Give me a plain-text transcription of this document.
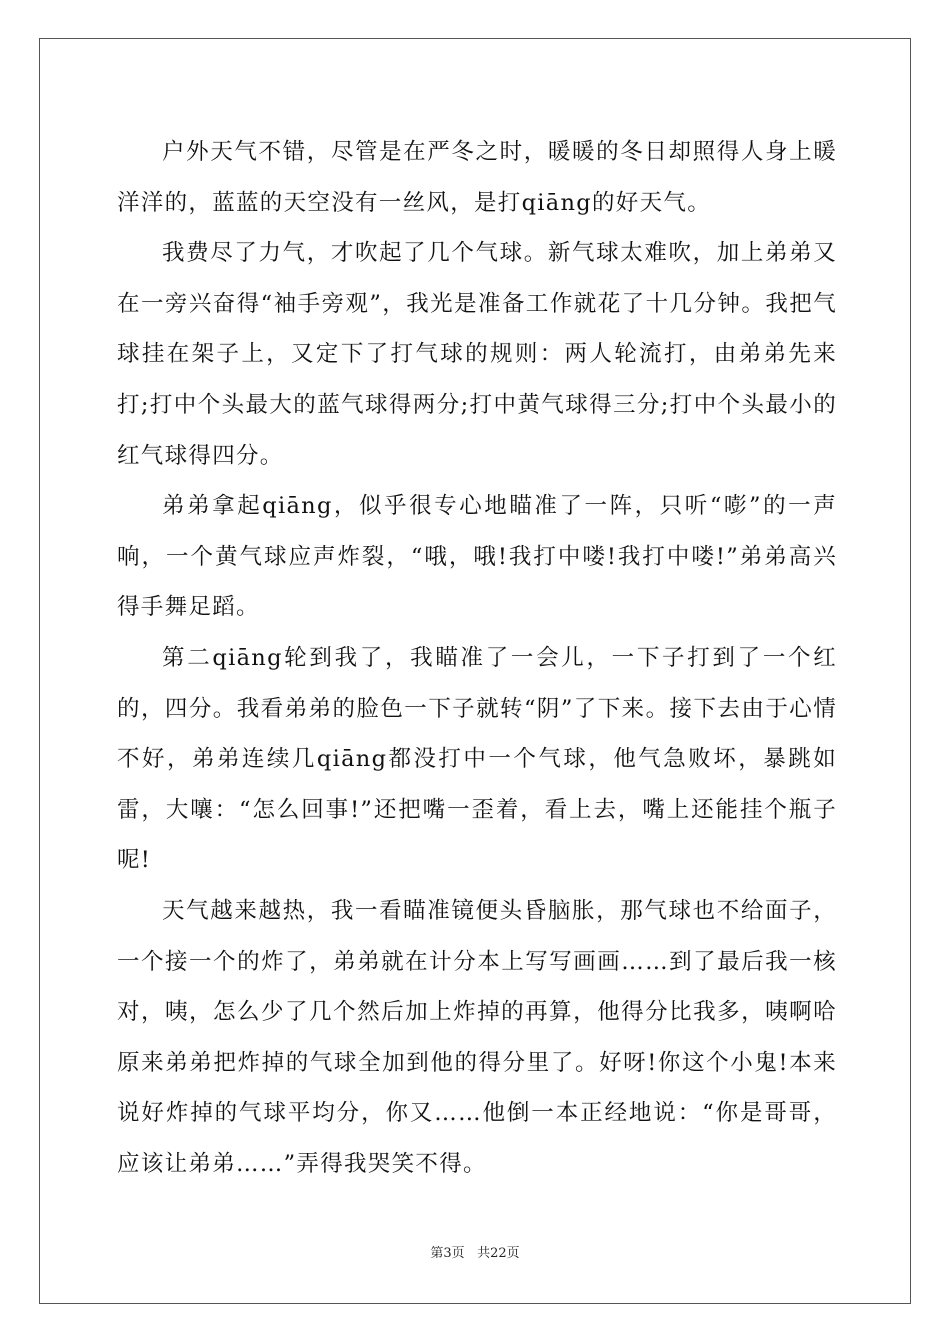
户外天气不错，尽管是在严冬之时，暖暖的冬日却照得人身上暖洋洋的，蓝蓝的天空没有一丝风，是打qiāng的好天气。

我费尽了力气，才吹起了几个气球。新气球太难吹，加上弟弟又在一旁兴奋得“袖手旁观”，我光是准备工作就花了十几分钟。我把气球挂在架子上，又定下了打气球的规则：两人轮流打，由弟弟先来打;打中个头最大的蓝气球得两分;打中黄气球得三分;打中个头最小的红气球得四分。

弟弟拿起qiāng，似乎很专心地瞄准了一阵，只听“嘭”的一声响，一个黄气球应声炸裂，“哦，哦!我打中喽!我打中喽!”弟弟高兴得手舞足蹈。

第二qiāng轮到我了，我瞄准了一会儿，一下子打到了一个红的，四分。我看弟弟的脸色一下子就转“阴”了下来。接下去由于心情不好，弟弟连续几qiāng都没打中一个气球，他气急败坏，暴跳如雷，大嚷：“怎么回事!”还把嘴一歪着，看上去，嘴上还能挂个瓶子呢!

天气越来越热，我一看瞄准镜便头昏脑胀，那气球也不给面子，一个接一个的炸了，弟弟就在计分本上写写画画……到了最后我一核对，咦，怎么少了几个然后加上炸掉的再算，他得分比我多，咦啊哈原来弟弟把炸掉的气球全加到他的得分里了。好呀!你这个小鬼!本来说好炸掉的气球平均分，你又……他倒一本正经地说：“你是哥哥，应该让弟弟……”弄得我哭笑不得。

第3页 共22页
